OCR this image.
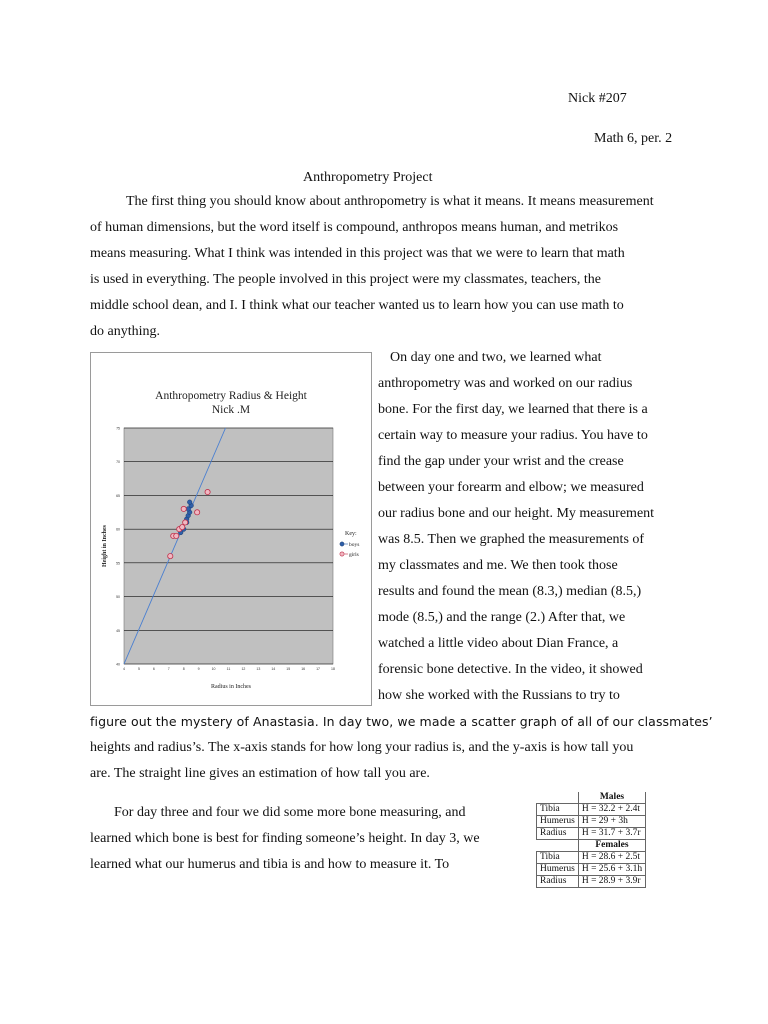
Nick #207
Math 6, per. 2
Anthropometry Project
The first thing you should know about anthropometry is what it means. It means measurement
of human dimensions, but the word itself is compound, anthropos means human, and metrikos
means measuring. What I think was intended in this project was that we were to learn that math
is used in everything. The people involved in this project were my classmates, teachers, the
middle school dean, and I. I think what our teacher wanted us to learn how you can use math to
do anything.
4	5	6	7	8	9	10	11	12	13	14	15	16	17	18
40
45
50
55
60
65
70
75
Anthropometry Radius & Height
Nick .M
Radius in Inches
Height in Inches	Key:
boys
girls
On day one and two, we learned what
anthropometry was and worked on our radius
bone. For the first day, we learned that there is a
certain way to measure your radius. You have to
find the gap under your wrist and the crease
between your forearm and elbow; we measured
our radius bone and our height. My measurement
was 8.5. Then we graphed the measurements of
my classmates and me. We then took those
results and found the mean (8.3,) median (8.5,)
mode (8.5,) and the range (2.) After that, we
watched a little video about Dian France, a
forensic bone detective. In the video, it showed
how she worked with the Russians to try to
figure out the mystery of Anastasia. In day two, we made a scatter graph of all of our classmates’
heights and radius’s. The x-axis stands for how long your radius is, and the y-axis is how tall you
are. The straight line gives an estimation of how tall you are.
For day three and four we did some more bone measuring, and
learned which bone is best for finding someone’s height. In day 3, we
learned what our humerus and tibia is and how to measure it. To
	Males
Tibia	H = 32.2 + 2.4t
Humerus	H = 29 + 3h
Radius	H = 31.7 + 3.7r
	Females
Tibia	H = 28.6 + 2.5t
Humerus	H = 25.6 + 3.1h
Radius	H = 28.9 + 3.9r
